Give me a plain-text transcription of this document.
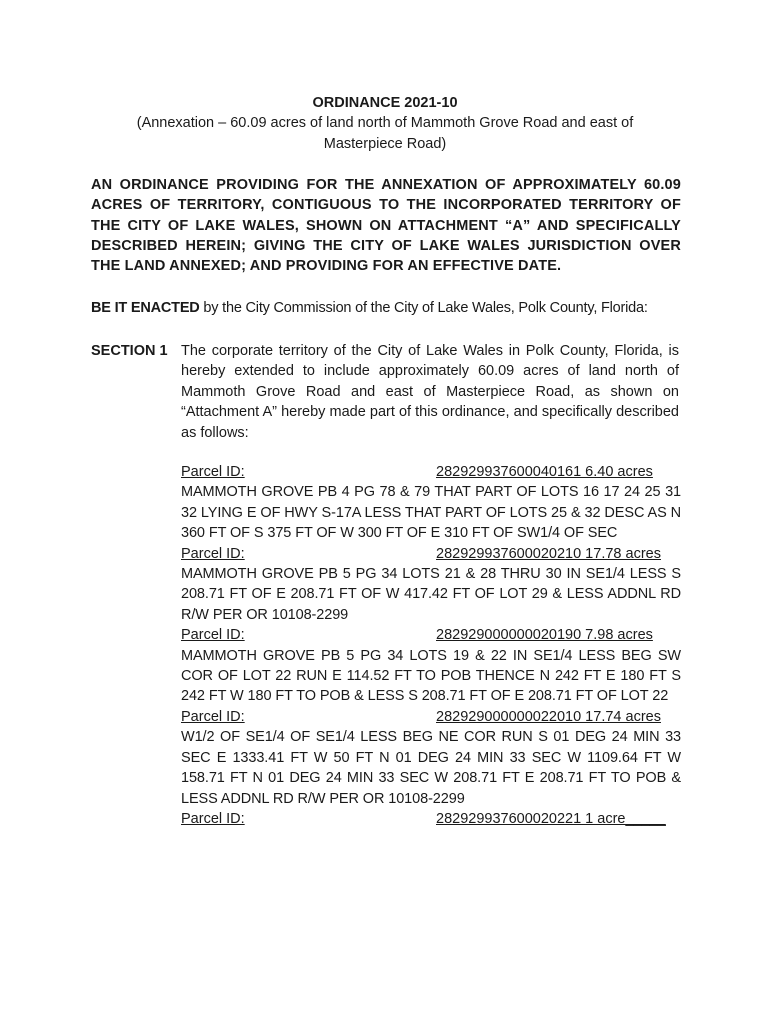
ORDINANCE 2021-10
(Annexation – 60.09 acres of land north of Mammoth Grove Road and east of Masterpiece Road)
AN ORDINANCE PROVIDING FOR THE ANNEXATION OF APPROXIMATELY 60.09 ACRES OF TERRITORY, CONTIGUOUS TO THE INCORPORATED TERRITORY OF THE CITY OF LAKE WALES, SHOWN ON ATTACHMENT “A” AND SPECIFICALLY DESCRIBED HEREIN; GIVING THE CITY OF LAKE WALES JURISDICTION OVER THE LAND ANNEXED; AND PROVIDING FOR AN EFFECTIVE DATE.
BE IT ENACTED by the City Commission of the City of Lake Wales, Polk County, Florida:
SECTION 1 The corporate territory of the City of Lake Wales in Polk County, Florida, is hereby extended to include approximately 60.09 acres of land north of Mammoth Grove Road and east of Masterpiece Road, as shown on “Attachment A” hereby made part of this ordinance, and specifically described as follows:
Parcel ID:	282929937600040161 6.40 acres
MAMMOTH GROVE PB 4 PG 78 & 79 THAT PART OF LOTS 16 17 24 25 31 32 LYING E OF HWY S-17A LESS THAT PART OF LOTS 25 & 32 DESC AS N 360 FT OF S 375 FT OF W 300 FT OF E 310 FT OF SW1/4 OF SEC
Parcel ID:	282929937600020210 17.78 acres
MAMMOTH GROVE PB 5 PG 34 LOTS 21 & 28 THRU 30 IN SE1/4 LESS S 208.71 FT OF E 208.71 FT OF W 417.42 FT OF LOT 29 & LESS ADDNL RD R/W PER OR 10108-2299
Parcel ID:	282929000000020190 7.98 acres
MAMMOTH GROVE PB 5 PG 34 LOTS 19 & 22 IN SE1/4 LESS BEG SW COR OF LOT 22 RUN E 114.52 FT TO POB THENCE N 242 FT E 180 FT S 242 FT W 180 FT TO POB & LESS S 208.71 FT OF E 208.71 FT OF LOT 22
Parcel ID:	282929000000022010 17.74 acres
W1/2 OF SE1/4 OF SE1/4 LESS BEG NE COR RUN S 01 DEG 24 MIN 33 SEC E 1333.41 FT W 50 FT N 01 DEG 24 MIN 33 SEC W 1109.64 FT W 158.71 FT N 01 DEG 24 MIN 33 SEC W 208.71 FT E 208.71 FT TO POB & LESS ADDNL RD R/W PER OR 10108-2299
Parcel ID:	282929937600020221 1 acre _____
